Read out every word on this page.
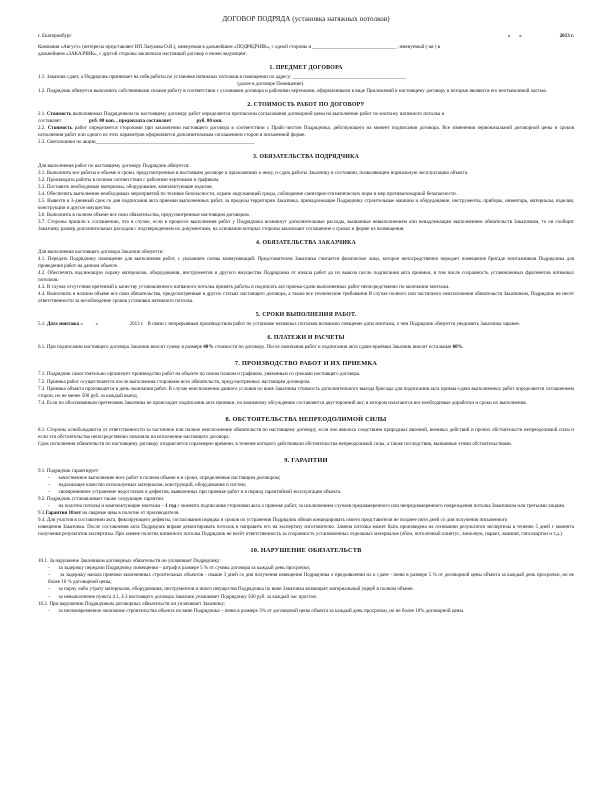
ДОГОВОР ПОДРЯДА (установка натяжных потолков)
г. Екатеринбург	«       »                              2013 г.

Компания «Август» (интересы представляет ИП Лазукова О.В.), именуемая в дальнейшем «ПОДРЯДЧИК», с одной стороны и _________________________________ , именуемый (-ая ) в

дальнейшем «ЗАКАЗЧИК», с другой стороны заключили настоящий договор о нижеследующем:

1. ПРЕДМЕТ ДОГОВОРА

1.1. Заказчик сдает, а Подрядчик принимает на себя работы по установке натяжных потолков в помещении по адресу: _____________________________________________

(далее в договоре Помещение).

1.2. Подрядчик обязуется выполнить собственными силами работу в соответствии с условиями договора и рабочими чертежами, оформленными в виде Приложений к настоящему договору и которые являются его неотъемлемой частью.

2. СТОИМОСТЬ РАБОТ ПО ДОГОВОРУ

2.1. Стоимость выполняемых Подрядчиком по настоящему договору работ определяется протоколом согласования договорной цены на выполнение работ по монтажу натяжного потолка и

составляет                      руб. 00 коп. , предоплата составляет	руб. 00 коп.

2.2. Стоимость работ определяется сторонами при заключении настоящего договора в соответствии с Прайс-листом Подрядчика, действующего на момент подписания договора. Все изменения первоначальной договорной цены и сроков исполнения работ или одного из этих параметров оформляются дополнительным соглашением сторон в письменной форме.

2.3. Светильники по акции_______________________________________________________________

3. ОБЯЗАТЕЛЬСТВА ПОДРЯДЧИКА

Для выполнения работ по настоящему договору Подрядчик обязуется:

3.1. Выполнить все работы в объеме и сроки, предусмотренные в настоящем договоре и приложениях к нему, и сдать работы Заказчику в состоянии, позволяющем нормальную эксплуатацию объекта.

3.2. Производить работы в полном соответствии с рабочими чертежами и графиком.

3.3. Поставить необходимые материалы, оборудование, комплектующие изделия.

3.4. Обеспечить выполнение необходимых мероприятий по технике безопасности, охране окружающей среды, соблюдение санитарно-гигиенических норм и мер противопожарной безопасности.

3.5. Вывезти в 3-дневный срок со дня подписания акта приемки выполненных работ, за пределы территории Заказчика, принадлежащие Подрядчику строительные машины и оборудование, инструменты, приборы, инвентарь, материалы, изделия, конструкции и другое имущество.

3.6. Выполнить в полном объеме все свои обязательства, предусмотренные настоящим договором.

3.7. Стороны пришли к соглашению, что в случае, если в процессе выполнения работ у Подрядчика возникнут дополнительные расходы, вызванные невыполнением или ненадлежащим выполнением обязательств Заказчиком, то он сообщит Заказчику размер дополнительных расходов с подтверждением их документами, на основании которых стороны заключают соглашение о сроках и форме их возмещения.

4. ОБЯЗАТЕЛЬСТВА ЗАКАЗЧИКА

Для выполнения настоящего договора Заказчик обязуется:

4.1. Передать Подрядчику помещение для выполнения работ, с указанием схемы коммуникаций. Представителем Заказчика считается физическое лицо, которое непосредственно передает помещение бригаде монтажников Подрядчика для проведения работ на данном объекте.

4.2. Обеспечить надлежащую охрану материалов, оборудования, инструментов и другого имущества Подрядчика от начала работ до их вывоза после подписания акта приемки, в том числе сохранность установленных фрагментов натяжных потолков.

4.3. В случае отсутствия претензий к качеству установленного натяжного потолка принять работы и подписать акт приема-сдачи выполненных работ непосредственно по окончании монтажа.

4.4. Выполнить в полном объеме все свои обязательства, предусмотренные в других статьях настоящего договора, а также все технические требования В случае полного или частичного неисполнения обязательств Заказчиком, Подрядчик не несет ответственности за несоблюдение сроков установки натяжного потолка.

5. СРОКИ ВЫПОЛНЕНИЯ РАБОТ.

5.1. Дата монтажа «          »                         2013 г.   В связи с непрерывным производством работ по установке натяжных потолков возможно смещение даты монтажа, о чем Подрядчик обязуется уведомить Заказчика заранее.

6. ПЛАТЕЖИ И РАСЧЕТЫ

6.1. При подписании настоящего договора Заказчик вносит сумму в размере 40% стоимости по договору. После окончания работ и подписания акта сдачи-приёмки Заказчик вносит остальные 60%.

7. ПРОИЗВОДСТВО РАБОТ И ИХ ПРИЕМКА

7.1. Подрядчик самостоятельно организует производство работ на объекте по своим планам и графикам, увязанным со сроками настоящего договора.

7.2. Приемка работ осуществляется после выполнения сторонами всех обязательств, предусмотренных настоящим договором.

7.3. Приемка объекта производится в день окончания работ. В случае неисполнения данного условия по вине Заказчика стоимость дополнительного выезда бригады для подписания акта приема-сдачи выполненных работ определяется соглашением сторон, но не менее 500 руб. за каждый выезд.

7.4. Если по обоснованным претензиям Заказчика не происходит подписания акта приемки, по взаимному обсуждению составляется двусторонний акт, в котором излагаются все необходимые доработки и сроки их выполнения.

8. ОБСТОЯТЕЛЬСТВА НЕПРЕОДОЛИМОЙ СИЛЫ

8.1. Стороны освобождаются от ответственности за частичное или полное неисполнение обязательств по настоящему договору, если оно явилось следствием природных явлений, военных действий и прочих обстоятельств непреодолимой силы и если эти обстоятельства непосредственно повлияли на исполнение настоящего договора.

Срок исполнения обязательств по настоящему договору отодвигается соразмерно времени, в течение которого действовали обстоятельства непреодолимой силы, а также последствия, вызванные этими обстоятельствами.

9. ГАРАНТИИ

9.1. Подрядчик гарантирует:

-       качественное выполнение всех работ в полном объеме и в сроки, определенные настоящим договором;

-       надлежащее качество используемых материалов, конструкций, оборудования и систем;

-       своевременное устранение недостатков и дефектов, выявленных при приемке работ и в период гарантийной эксплуатации объекта.

9.2. Подрядчик устанавливает также следующие гарантии:

-       на полотна потолка и комплектующие монтажа – 1 год с момента подписания сторонами акта о приемке работ, за исключением случаев преднамеренного или непреднамеренного повреждения потолка Заказчиком или третьими лицами.

9.3.Гарантия 10лет на сварные швы в полотне от производителя.

9.4. Для участия в составлении акта, фиксирующего дефекты, согласования порядка и сроков их устранения Подрядчик обязан командировать своего представителя не позднее пяти дней со дня получения письменного

извещения Заказчика. После составления акта Подрядчик вправе демонтировать потолок и направить его на экспертизу изготовителю. Замена потолка может быть произведена на основании результатов экспертизы в течение 5 дней с момента получения результатов экспертизы. При замене полотна натяжного потолка Подрядчик не несёт ответственность за сохранность установленных отдельных материалов (обои, потолочный плинтус, линолеум, паркет, ламинат, гипсокартон и т.д.).

10. НАРУШЕНИЕ ОБЯЗАТЕЛЬСТВ

10.1. За нарушение Заказчиком договорных обязательств он уплачивает Подрядчику:

-       за задержку передачи Подрядчику помещения – штраф в размере 5 % от суммы договора за каждый день просрочки;

-       за задержку начала приемки законченных строительных объектов - свыше 3 дней со дня получения извещения Подрядчика о предъявлении их к сдаче - пеню в размере 5 % от договорной цены объекта за каждый день просрочки, но не более 10 % договорной цены;

-       за порчу либо утрату материалов, оборудования, инструментов и иного имущества Подрядчика по вине Заказчика возмещает материальный ущерб в полном объеме.

-       за невыполнение пункта 4.1, 4.3 настоящего договора Заказчик уплачивает Подрядчику 500 руб. за каждый час простоя.

10.2. При нарушении Подрядчиком договорных обязательств он уплачивает Заказчику:

-       за несвоевременное окончание строительства объекта по вине Подрядчика – пеню в размере 3% от договорной цены объекта за каждый день просрочки, но не более 10% договорной цены.
